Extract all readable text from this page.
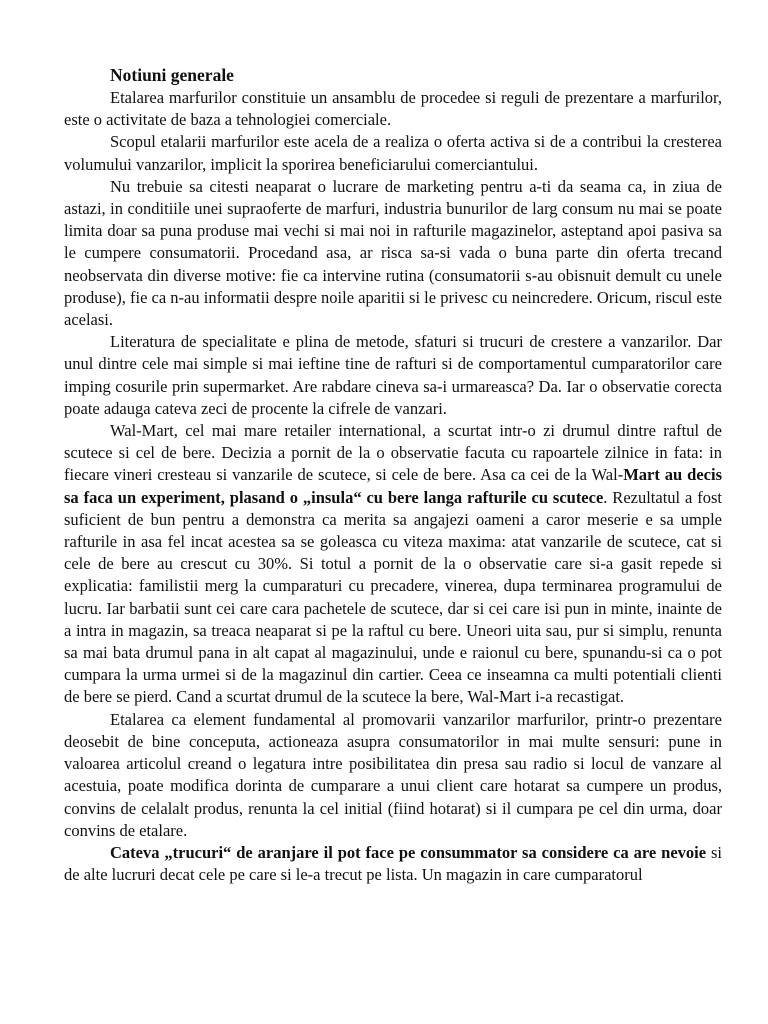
Notiuni generale

Etalarea marfurilor constituie un ansamblu de procedee si reguli de prezentare a marfurilor, este o activitate de baza a tehnologiei comerciale.

Scopul etalarii marfurilor este acela de a realiza o oferta activa si de a contribui la cresterea volumului vanzarilor, implicit la sporirea beneficiarului comerciantului.

Nu trebuie sa citesti neaparat o lucrare de marketing pentru a-ti da seama ca, in ziua de astazi, in conditiile unei supraoferte de marfuri, industria bunurilor de larg consum nu mai se poate limita doar sa puna produse mai vechi si mai noi in rafturile magazinelor, asteptand apoi pasiva sa le cumpere consumatorii. Procedand asa, ar risca sa-si vada o buna parte din oferta trecand neobservata din diverse motive: fie ca intervine rutina (consumatorii s-au obisnuit demult cu unele produse), fie ca n-au informatii despre noile aparitii si le privesc cu neincredere. Oricum, riscul este acelasi.

Literatura de specialitate e plina de metode, sfaturi si trucuri de crestere a vanzarilor. Dar unul dintre cele mai simple si mai ieftine tine de rafturi si de comportamentul cumparatorilor care imping cosurile prin supermarket. Are rabdare cineva sa-i urmareasca? Da. Iar o observatie corecta poate adauga cateva zeci de procente la cifrele de vanzari.

Wal-Mart, cel mai mare retailer international, a scurtat intr-o zi drumul dintre raftul de scutece si cel de bere. Decizia a pornit de la o observatie facuta cu rapoartele zilnice in fata: in fiecare vineri cresteau si vanzarile de scutece, si cele de bere. Asa ca cei de la Wal-Mart au decis sa faca un experiment, plasand o „insula“ cu bere langa rafturile cu scutece. Rezultatul a fost suficient de bun pentru a demonstra ca merita sa angajezi oameni a caror meserie e sa umple rafturile in asa fel incat acestea sa se goleasca cu viteza maxima: atat vanzarile de scutece, cat si cele de bere au crescut cu 30%. Si totul a pornit de la o observatie care si-a gasit repede si explicatia: familistii merg la cumparaturi cu precadere, vinerea, dupa terminarea programului de lucru. Iar barbatii sunt cei care cara pachetele de scutece, dar si cei care isi pun in minte, inainte de a intra in magazin, sa treaca neaparat si pe la raftul cu bere. Uneori uita sau, pur si simplu, renunta sa mai bata drumul pana in alt capat al magazinului, unde e raionul cu bere, spunandu-si ca o pot cumpara la urma urmei si de la magazinul din cartier. Ceea ce inseamna ca multi potentiali clienti de bere se pierd. Cand a scurtat drumul de la scutece la bere, Wal-Mart i-a recastigat.

Etalarea ca element fundamental al promovarii vanzarilor marfurilor, printr-o prezentare deosebit de bine conceputa, actioneaza asupra consumatorilor in mai multe sensuri: pune in valoarea articolul creand o legatura intre posibilitatea din presa sau radio si locul de vanzare al acestuia, poate modifica dorinta de cumparare a unui client care hotarat sa cumpere un produs, convins de celalalt produs, renunta la cel initial (fiind hotarat) si il cumpara pe cel din urma, doar convins de etalare.

Cateva „trucuri“ de aranjare il pot face pe consummator sa considere ca are nevoie si de alte lucruri decat cele pe care si le-a trecut pe lista. Un magazin in care cumparatorul
